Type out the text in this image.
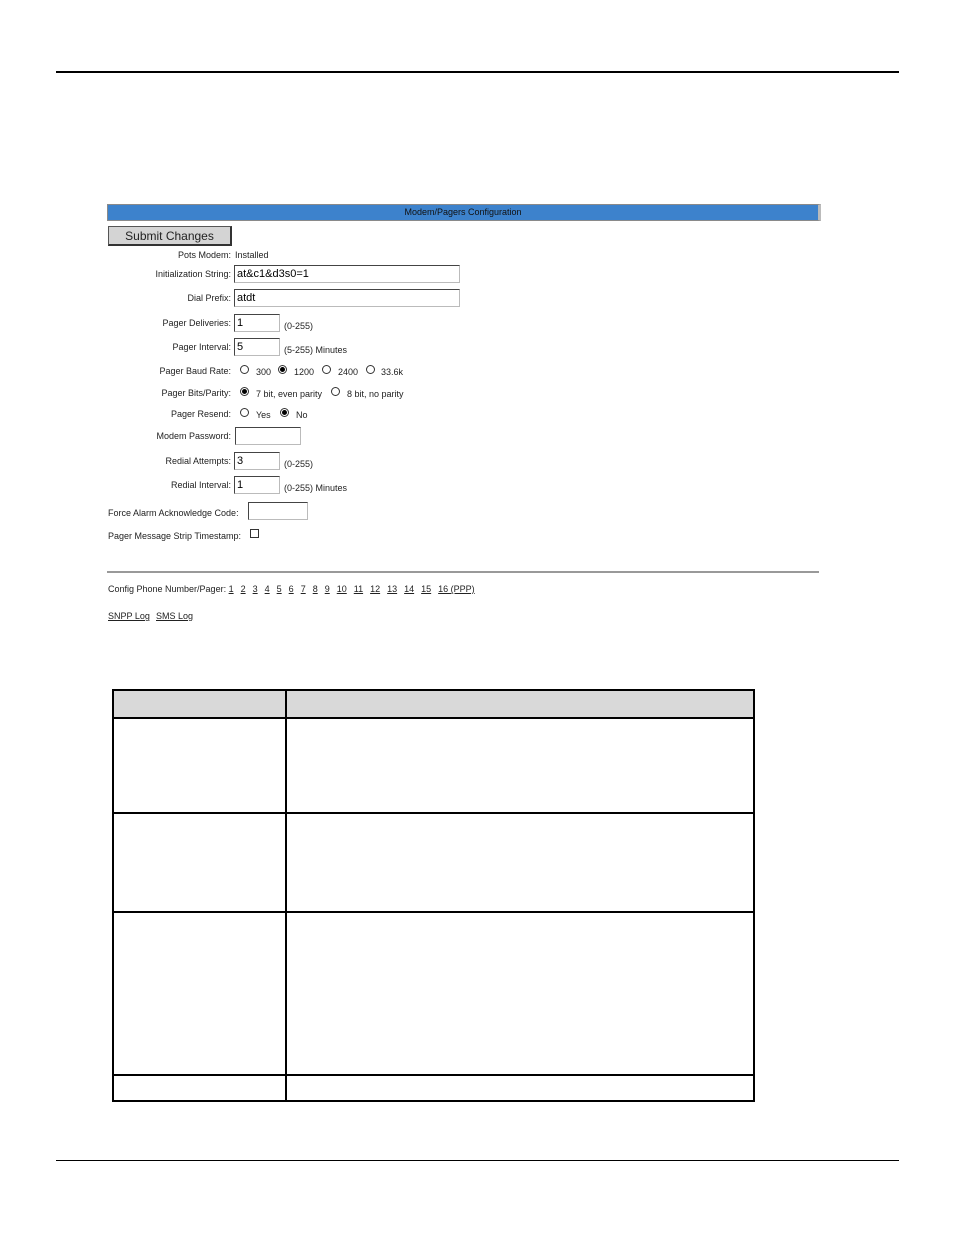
Modem/Pagers Configuration
Submit Changes
Pots Modem: Installed
Initialization String:
at&c1&d3s0=1
Dial Prefix:
atdt
Pager Deliveries:
1	(0-255)
Pager Interval:
5	(5-255) Minutes
Pager Baud Rate:	300	1200	2400	33.6k
Pager Bits/Parity:	7 bit, even parity	8 bit, no parity
Pager Resend:	Yes	No
Modem Password:
Redial Attempts:
3	(0-255)
Redial Interval:
1	(0-255) Minutes
Force Alarm Acknowledge Code:
Pager Message Strip Timestamp:
Config Phone Number/Pager: 1 2 3 4 5 6 7 8 9 10 11 12 13 14 15 16 (PPP)
SNPP Log SMS Log
